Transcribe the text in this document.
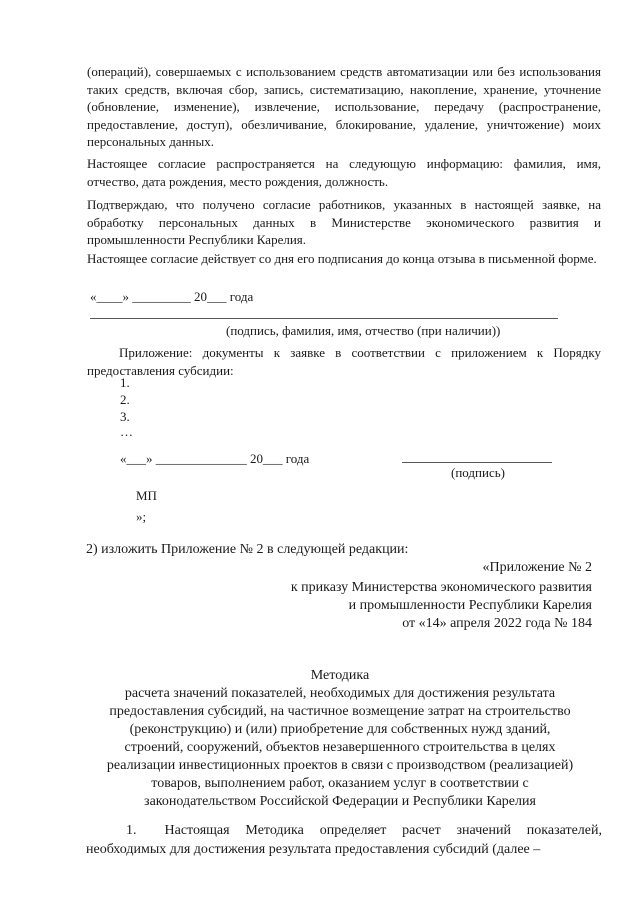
(операций), совершаемых с использованием средств автоматизации или без использования таких средств, включая сбор, запись, систематизацию, накопление, хранение, уточнение (обновление, изменение), извлечение, использование, передачу (распространение, предоставление, доступ), обезличивание, блокирование, удаление, уничтожение) моих персональных данных.
Настоящее согласие распространяется на следующую информацию: фамилия, имя, отчество, дата рождения, место рождения, должность.
Подтверждаю, что получено согласие работников, указанных в настоящей заявке, на обработку персональных данных в Министерстве экономического развития и промышленности Республики Карелия.
Настоящее согласие действует со дня его подписания до конца отзыва в письменной форме.
«____» _________ 20___ года
(подпись, фамилия, имя, отчество (при наличии))
Приложение: документы к заявке в соответствии с приложением к Порядку предоставления субсидии:
1.
2.
3.
…
«___» ______________ 20___ года
(подпись)
МП
»;
2) изложить Приложение № 2 в следующей редакции:
«Приложение № 2
к приказу Министерства экономического развития
и промышленности Республики Карелия
от «14» апреля 2022 года № 184
Методика
расчета значений показателей, необходимых для достижения результата
предоставления субсидий, на частичное возмещение затрат на строительство
(реконструкцию) и (или) приобретение для собственных нужд зданий,
строений, сооружений, объектов незавершенного строительства в целях
реализации инвестиционных проектов в связи с производством (реализацией)
товаров, выполнением работ, оказанием услуг в соответствии с
законодательством Российской Федерации и Республики Карелия
1.  Настоящая Методика определяет расчет значений показателей, необходимых для достижения результата предоставления субсидий (далее –
